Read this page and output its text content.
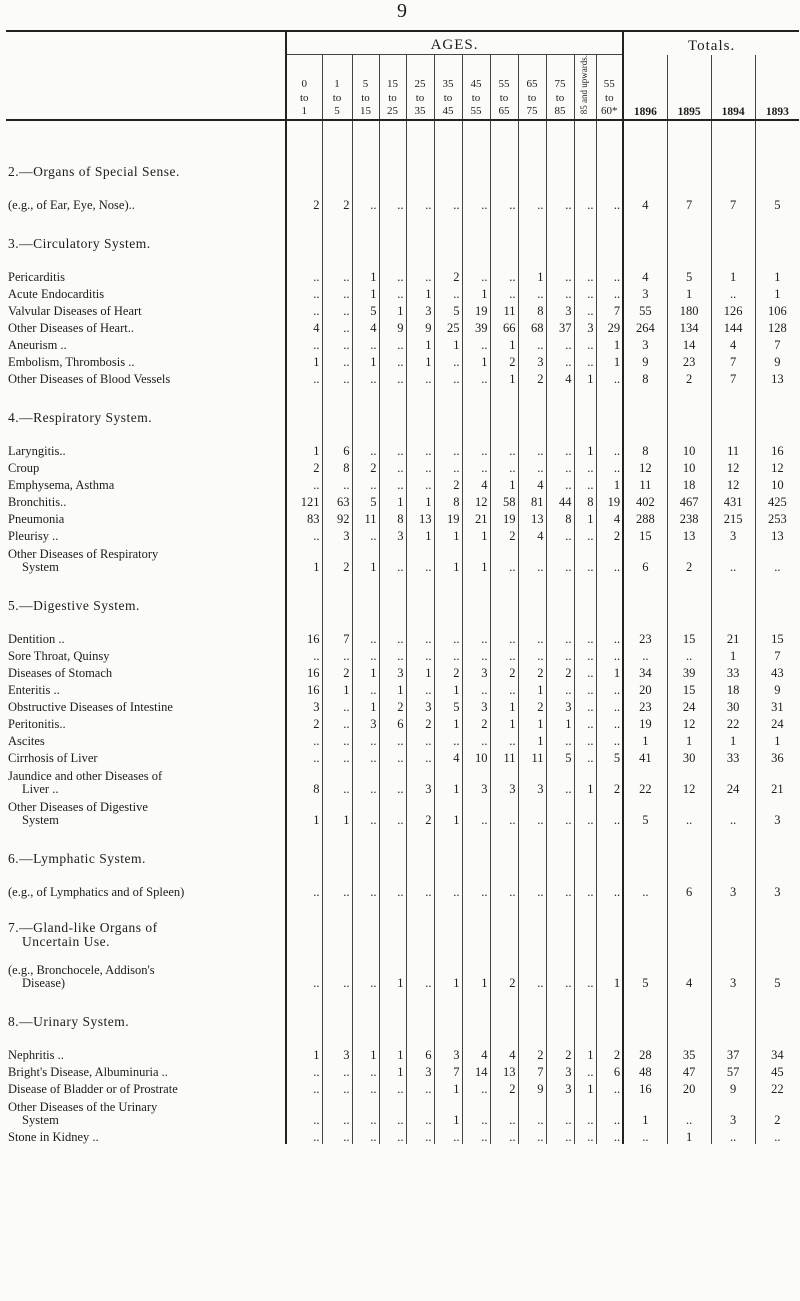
9
	AGES.												Totals.			
	0
to
1	1
to
5	5
to
15	15
to
25	25
to
35	35
to
45	45
to
55	55
to
65	65
to
75	75
to
85	85 and upwards.	55
to
60*	1896	1895	1894	1893

2.—Organs of Special Sense.																

(e.g., of Ear, Eye, Nose)..	2	2	..	..	..	..	..	..	..	..	..	..	4	7	7	5

3.—Circulatory System.																

Pericarditis	..	..	1	..	..	2	..	..	1	..	..	..	4	5	1	1
Acute Endocarditis	..	..	1	..	1	..	1	..	..	..	..	..	3	1	..	1
Valvular Diseases of Heart	..	..	5	1	3	5	19	11	8	3	..	7	55	180	126	106
Other Diseases of Heart..	4	..	4	9	9	25	39	66	68	37	3	29	264	134	144	128
Aneurism ..	..	..	..	..	1	1	..	1	..	..	..	1	3	14	4	7
Embolism, Thrombosis ..	1	..	1	..	1	..	1	2	3	..	..	1	9	23	7	9
Other Diseases of Blood Vessels	..	..	..	..	..	..	..	1	2	4	1	..	8	2	7	13

4.—Respiratory System.																

Laryngitis..	1	6	..	..	..	..	..	..	..	..	1	..	8	10	11	16
Croup	2	8	2	..	..	..	..	..	..	..	..	..	12	10	12	12
Emphysema, Asthma	..	..	..	..	..	2	4	1	4	..	..	1	11	18	12	10
Bronchitis..	121	63	5	1	1	8	12	58	81	44	8	19	402	467	431	425
Pneumonia	83	92	11	8	13	19	21	19	13	8	1	4	288	238	215	253
Pleurisy ..	..	3	..	3	1	1	1	2	4	..	..	2	15	13	3	13
Other Diseases of Respiratory
System	1	2	1	..	..	1	1	..	..	..	..	..	6	2	..	..

5.—Digestive System.																

Dentition ..	16	7	..	..	..	..	..	..	..	..	..	..	23	15	21	15
Sore Throat, Quinsy	..	..	..	..	..	..	..	..	..	..	..	..	..	..	1	7
Diseases of Stomach	16	2	1	3	1	2	3	2	2	2	..	1	34	39	33	43
Enteritis ..	16	1	..	1	..	1	..	..	1	..	..	..	20	15	18	9
Obstructive Diseases of Intestine	3	..	1	2	3	5	3	1	2	3	..	..	23	24	30	31
Peritonitis..	2	..	3	6	2	1	2	1	1	1	..	..	19	12	22	24
Ascites	..	..	..	..	..	..	..	..	1	..	..	..	1	1	1	1
Cirrhosis of Liver	..	..	..	..	..	4	10	11	11	5	..	5	41	30	33	36
Jaundice and other Diseases of
Liver ..	8	..	..	..	3	1	3	3	3	..	1	2	22	12	24	21
Other Diseases of Digestive
System	1	1	..	..	2	1	..	..	..	..	..	..	5	..	..	3

6.—Lymphatic System.																

(e.g., of Lymphatics and of Spleen)	..	..	..	..	..	..	..	..	..	..	..	..	..	6	3	3

7.—Gland-like Organs of
Uncertain Use.																

(e.g., Bronchocele, Addison's
Disease)	..	..	..	1	..	1	1	2	..	..	..	1	5	4	3	5

8.—Urinary System.																

Nephritis ..	1	3	1	1	6	3	4	4	2	2	1	2	28	35	37	34
Bright's Disease, Albuminuria ..	..	..	..	1	3	7	14	13	7	3	..	6	48	47	57	45
Disease of Bladder or of Prostrate	..	..	..	..	..	1	..	2	9	3	1	..	16	20	9	22
Other Diseases of the Urinary
System	..	..	..	..	..	1	..	..	..	..	..	..	1	..	3	2
Stone in Kidney ..	..	..	..	..	..	..	..	..	..	..	..	..	..	1	..	..
